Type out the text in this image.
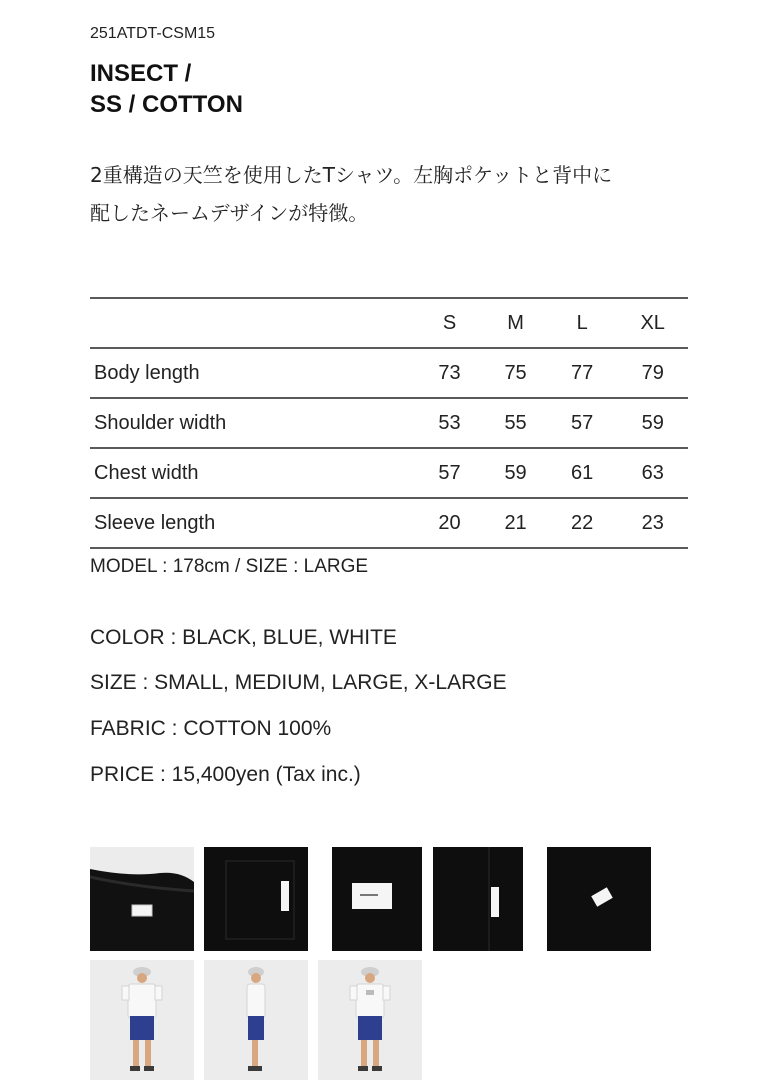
251ATDT-CSM15
INSECT /
SS / COTTON
2重構造の天竺を使用したTシャツ。左胸ポケットと背中に
配したネームデザインが特徴。
	S	M	L	XL
Body length	73	75	77	79
Shoulder width	53	55	57	59
Chest width	57	59	61	63
Sleeve length	20	21	22	23
MODEL : 178cm / SIZE : LARGE
COLOR : BLACK, BLUE, WHITE
SIZE : SMALL, MEDIUM, LARGE, X-LARGE
FABRIC : COTTON 100%
PRICE : 15,400yen (Tax inc.)
